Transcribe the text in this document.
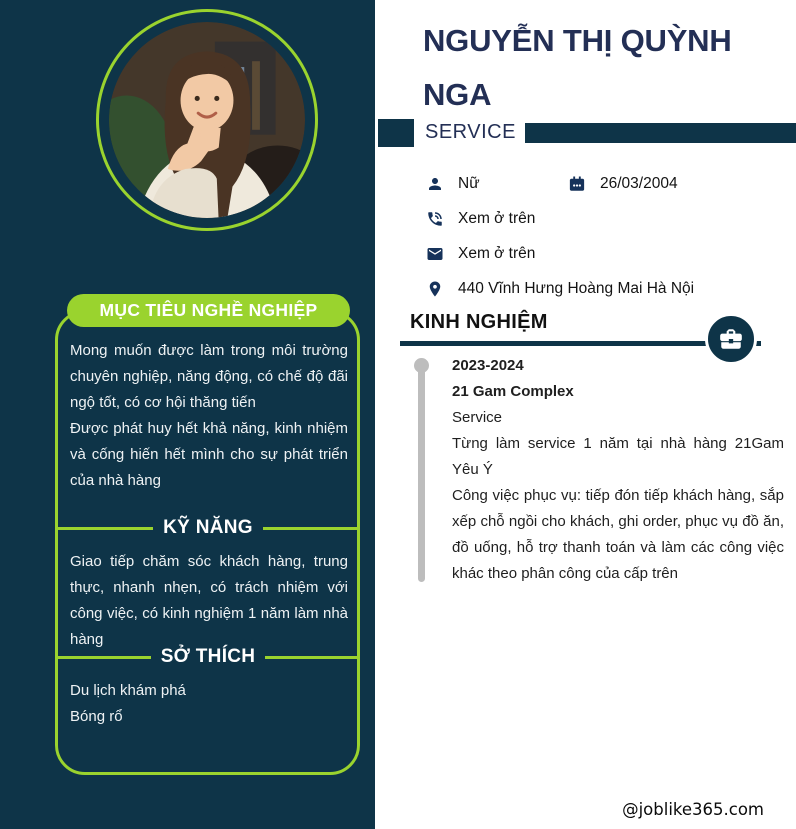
MỤC TIÊU NGHỀ NGHIỆP

Mong muốn được làm trong môi trường chuyên nghiệp, năng động, có chế độ đãi ngộ tốt, có cơ hội thăng tiến

Được phát huy hết khả năng, kinh nhiệm và cống hiến hết mình cho sự phát triển của nhà hàng

KỸ NĂNG

Giao tiếp chăm sóc khách hàng, trung thực, nhanh nhẹn, có trách nhiệm với công việc, có kinh nghiệm 1 năm làm nhà hàng

SỞ THÍCH
Du lịch khám phá
Bóng rổ
NGUYỄN THỊ QUỲNH NGA
SERVICE
Nữ	26/03/2004
Xem ở trên
Xem ở trên
440 Vĩnh Hưng Hoàng Mai Hà Nội
KINH NGHIỆM

2023-2024

21 Gam Complex

Service

Từng làm service 1 năm tại nhà hàng 21Gam Yêu Ý

Công việc phục vụ: tiếp đón tiếp khách hàng, sắp xếp chỗ ngồi cho khách, ghi order, phục vụ đồ ăn, đồ uống, hỗ trợ thanh toán và làm các công việc khác theo phân công của cấp trên

@joblike365.com
